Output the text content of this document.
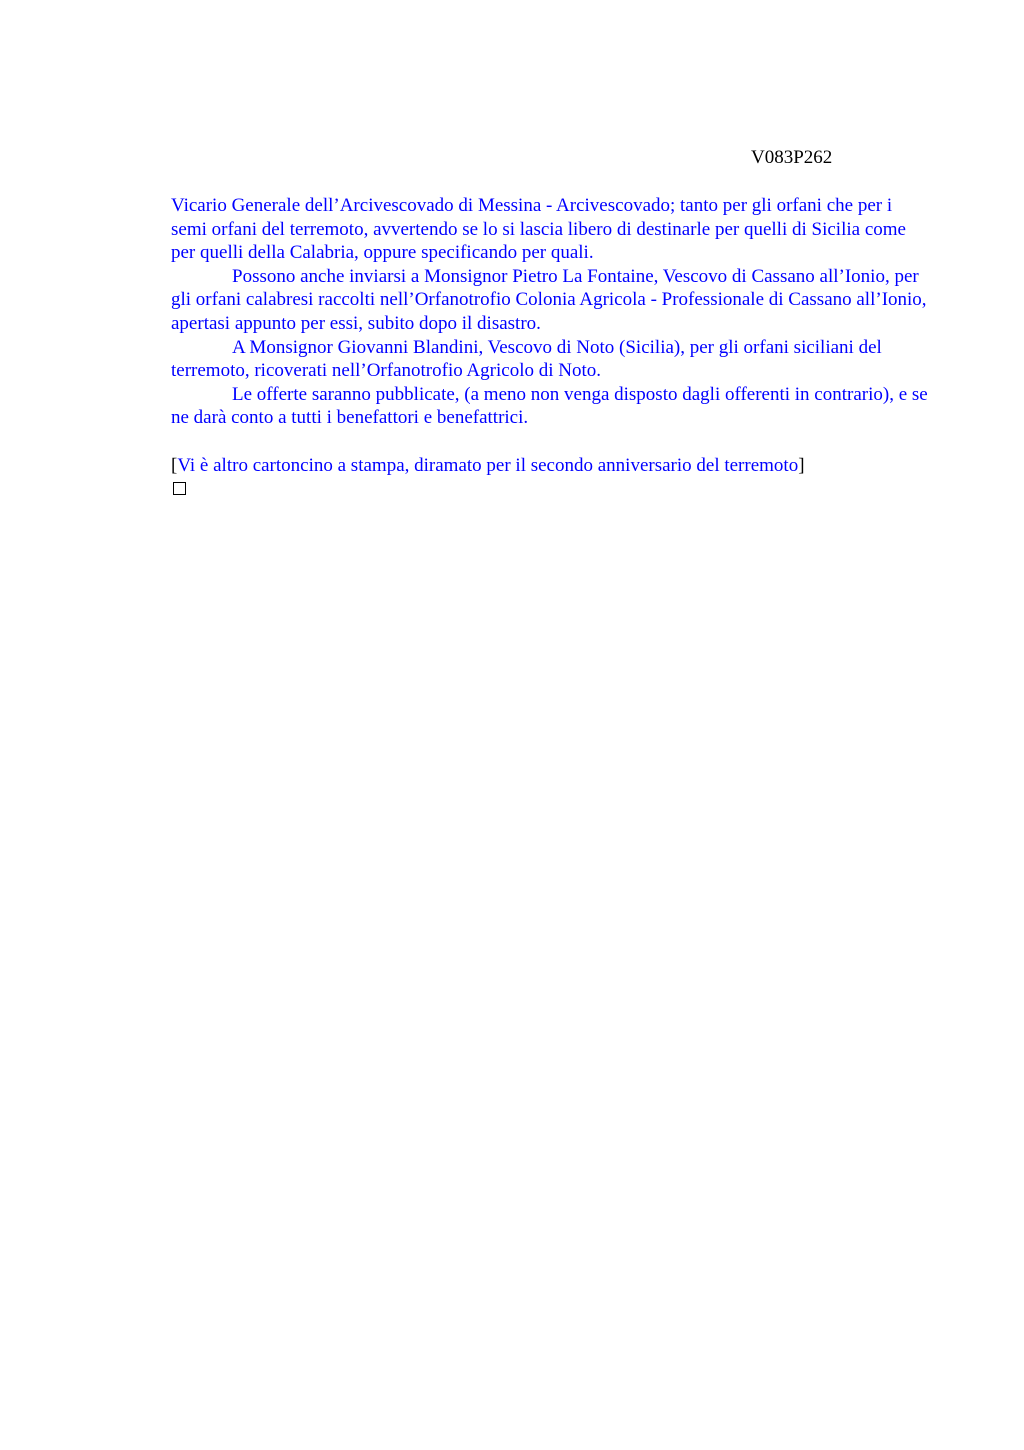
V083P262

Vicario Generale dell’Arcivescovado di Messina - Arcivescovado; tanto per gli orfani che per i semi orfani del terremoto, avvertendo se lo si lascia libero di destinarle per quelli di Sicilia come per quelli della Calabria, oppure specificando per quali.

Possono anche inviarsi a Monsignor Pietro La Fontaine, Vescovo di Cassano all’Ionio, per gli orfani calabresi raccolti nell’Orfanotrofio Colonia Agricola - Professionale di Cassano all’Ionio, apertasi appunto per essi, subito dopo il disastro.

A Monsignor Giovanni Blandini, Vescovo di Noto (Sicilia), per gli orfani siciliani del terremoto, ricoverati nell’Orfanotrofio Agricolo di Noto.

Le offerte saranno pubblicate, (a meno non venga disposto dagli offerenti in contrario), e se ne darà conto a tutti i benefattori e benefattrici.

[Vi è altro cartoncino a stampa, diramato per il secondo anniversario del terremoto]
